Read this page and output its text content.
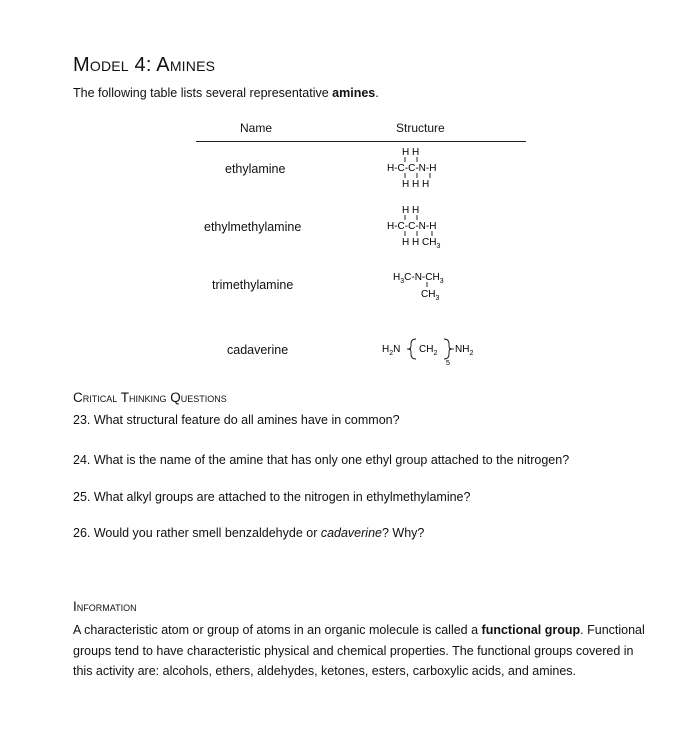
Model 4: Amines
The following table lists several representative amines.
Name	Structure
ethylamine
ethylmethylamine
trimethylamine
cadaverine
H H
H-C-C-N-H
H H H
H H
H-C-C-N-H
H H $CH_3$
$H_3C-N-CH_3$
$CH_3$
$H_2N$ $CH_2$
5
$NH_2$
Critical Thinking Questions
23. What structural feature do all amines have in common?
24. What is the name of the amine that has only one ethyl group attached to the nitrogen?
25. What alkyl groups are attached to the nitrogen in ethylmethylamine?
26. Would you rather smell benzaldehyde or cadaverine? Why?
Information
A characteristic atom or group of atoms in an organic molecule is called a functional group. Functional groups tend to have characteristic physical and chemical properties. The functional groups covered in this activity are: alcohols, ethers, aldehydes, ketones, esters, carboxylic acids, and amines.
